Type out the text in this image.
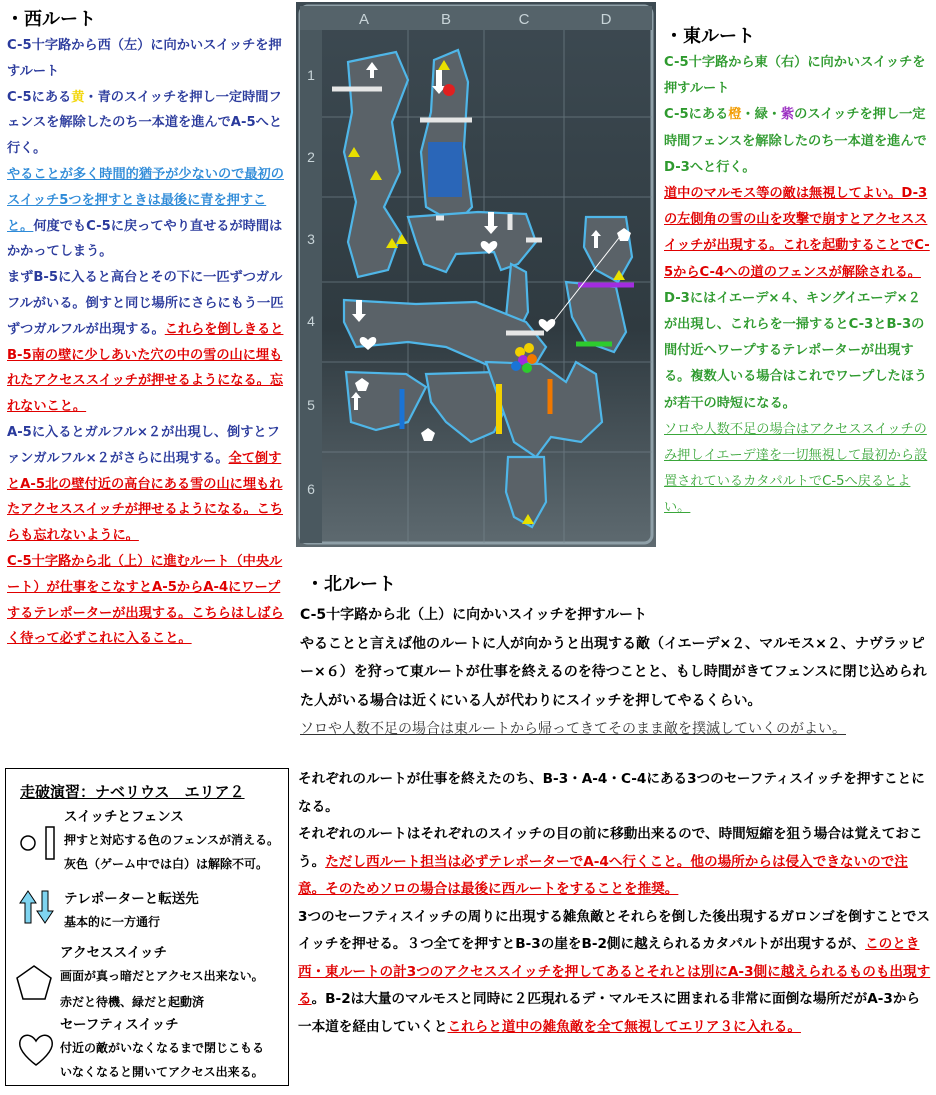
・西ルート

C-5十字路から西（左）に向かいスイッチを押すルート

C-5にある黄・青のスイッチを押し一定時間フェンスを解除したのち一本道を進んでA-5へと行く。

やることが多く時間的猶予が少ないので最初のスイッチ5つを押すときは最後に青を押すこと。何度でもC-5に戻ってやり直せるが時間はかかってしまう。

まずB-5に入ると高台とその下に一匹ずつガルフルがいる。倒すと同じ場所にさらにもう一匹ずつガルフルが出現する。これらを倒しきるとB-5南の壁に少しあいた穴の中の雪の山に埋もれたアクセススイッチが押せるようになる。忘れないこと。

A-5に入るとガルフル×２が出現し、倒すとファンガルフル×２がさらに出現する。全て倒すとA-5北の壁付近の高台にある雪の山に埋もれたアクセススイッチが押せるようになる。こちらも忘れないように。

C-5十字路から北（上）に進むルート（中央ルート）が仕事をこなすとA-5からA-4にワープするテレポーターが出現する。こちらはしばらく待って必ずこれに入ること。

A	B	C	D
1
2
3
4
5
6
・東ルート

C-5十字路から東（右）に向かいスイッチを押すルート

C-5にある橙・緑・紫のスイッチを押し一定時間フェンスを解除したのち一本道を進んでD-3へと行く。

道中のマルモス等の敵は無視してよい。D-3の左側角の雪の山を攻撃で崩すとアクセススイッチが出現する。これを起動することでC-5からC-4への道のフェンスが解除される。

D-3にはイエーデ×４、キングイエーデ×２が出現し、これらを一掃するとC-3とB-3の間付近へワープするテレポーターが出現する。複数人いる場合はこれでワープしたほうが若干の時短になる。

ソロや人数不足の場合はアクセススイッチのみ押しイエーデ達を一切無視して最初から設置されているカタパルトでC-5へ戻るとよい。

・北ルート

C-5十字路から北（上）に向かいスイッチを押すルート

やることと言えば他のルートに人が向かうと出現する敵（イエーデ×２、マルモス×２、ナヴラッピー×６）を狩って東ルートが仕事を終えるのを待つことと、もし時間がきてフェンスに閉じ込められた人がいる場合は近くにいる人が代わりにスイッチを押してやるくらい。

ソロや人数不足の場合は東ルートから帰ってきてそのまま敵を撲滅していくのがよい。

それぞれのルートが仕事を終えたのち、B-3・A-4・C-4にある3つのセーフティスイッチを押すことになる。

それぞれのルートはそれぞれのスイッチの目の前に移動出来るので、時間短縮を狙う場合は覚えておこう。ただし西ルート担当は必ずテレポーターでA-4へ行くこと。他の場所からは侵入できないので注意。そのためソロの場合は最後に西ルートをすることを推奨。

3つのセーフティスイッチの周りに出現する雑魚敵とそれらを倒した後出現するガロンゴを倒すことでスイッチを押せる。３つ全てを押すとB-3の崖をB-2側に越えられるカタパルトが出現するが、このとき西・東ルートの計3つのアクセススイッチを押してあるとそれとは別にA-3側に越えられるものも出現する。B-2は大量のマルモスと同時に２匹現れるデ・マルモスに囲まれる非常に面倒な場所だがA-3から一本道を経由していくとこれらと道中の雑魚敵を全て無視してエリア３に入れる。

走破演習：ナベリウス　エリア２
スイッチとフェンス
押すと対応する色のフェンスが消える。
灰色（ゲーム中では白）は解除不可。
テレポーターと転送先
基本的に一方通行
アクセススイッチ
画面が真っ暗だとアクセス出来ない。
赤だと待機、緑だと起動済
セーフティスイッチ
付近の敵がいなくなるまで閉じこもる
いなくなると開いてアクセス出来る。
